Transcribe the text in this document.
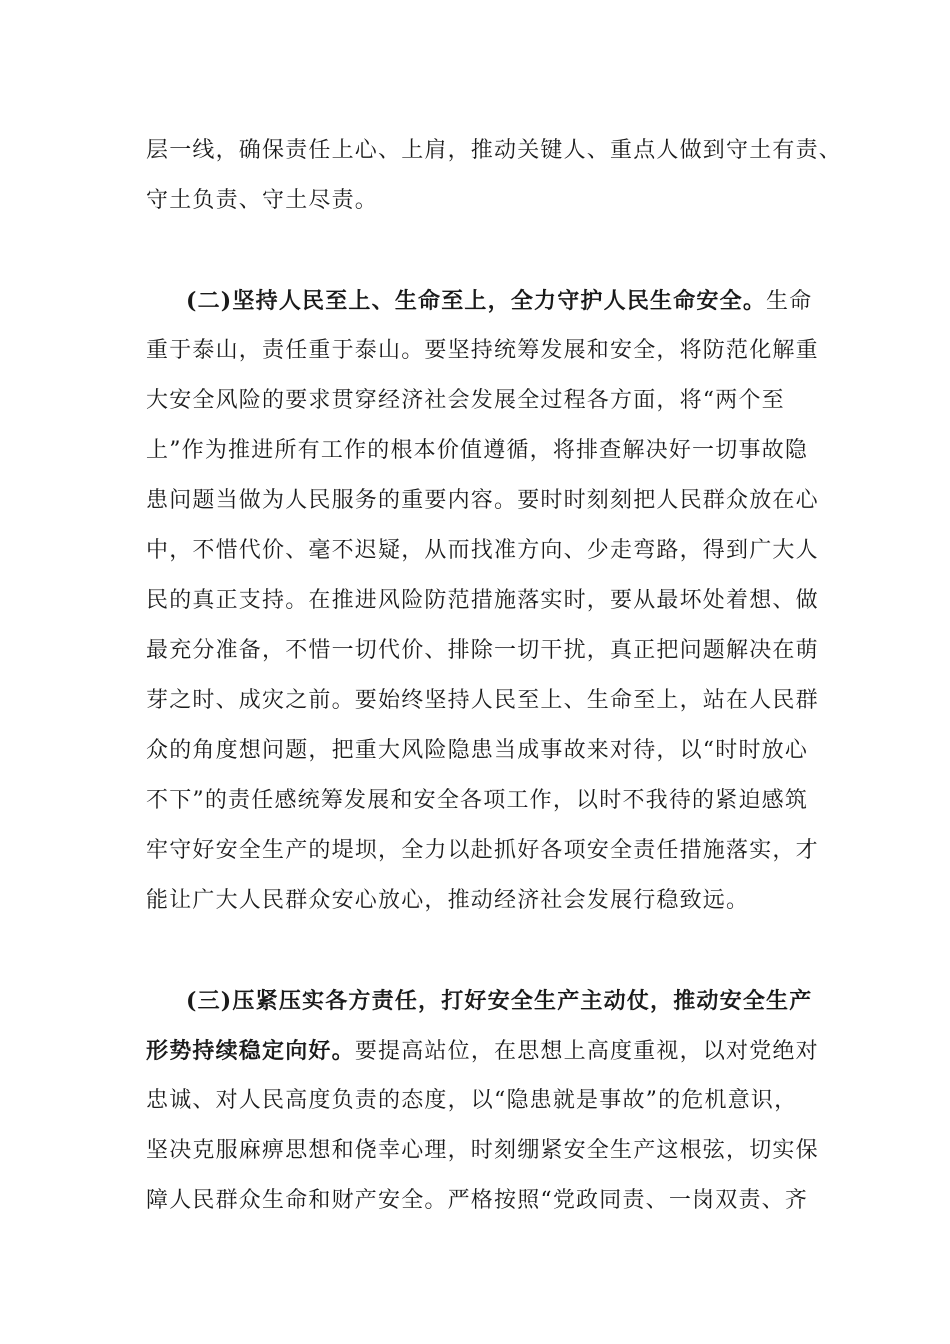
层一线，确保责任上心、上肩，推动关键人、重点人做到守土有责、
守土负责、守土尽责。
(二)坚持人民至上、生命至上，全力守护人民生命安全。生命
重于泰山，责任重于泰山。要坚持统筹发展和安全，将防范化解重
大安全风险的要求贯穿经济社会发展全过程各方面，将“两个至
上”作为推进所有工作的根本价值遵循，将排查解决好一切事故隐
患问题当做为人民服务的重要内容。要时时刻刻把人民群众放在心
中，不惜代价、毫不迟疑，从而找准方向、少走弯路，得到广大人
民的真正支持。在推进风险防范措施落实时，要从最坏处着想、做
最充分准备，不惜一切代价、排除一切干扰，真正把问题解决在萌
芽之时、成灾之前。要始终坚持人民至上、生命至上，站在人民群
众的角度想问题，把重大风险隐患当成事故来对待，以“时时放心
不下”的责任感统筹发展和安全各项工作，以时不我待的紧迫感筑
牢守好安全生产的堤坝，全力以赴抓好各项安全责任措施落实，才
能让广大人民群众安心放心，推动经济社会发展行稳致远。
(三)压紧压实各方责任，打好安全生产主动仗，推动安全生产
形势持续稳定向好。要提高站位，在思想上高度重视，以对党绝对
忠诚、对人民高度负责的态度，以“隐患就是事故”的危机意识，
坚决克服麻痹思想和侥幸心理，时刻绷紧安全生产这根弦，切实保
障人民群众生命和财产安全。严格按照“党政同责、一岗双责、齐
